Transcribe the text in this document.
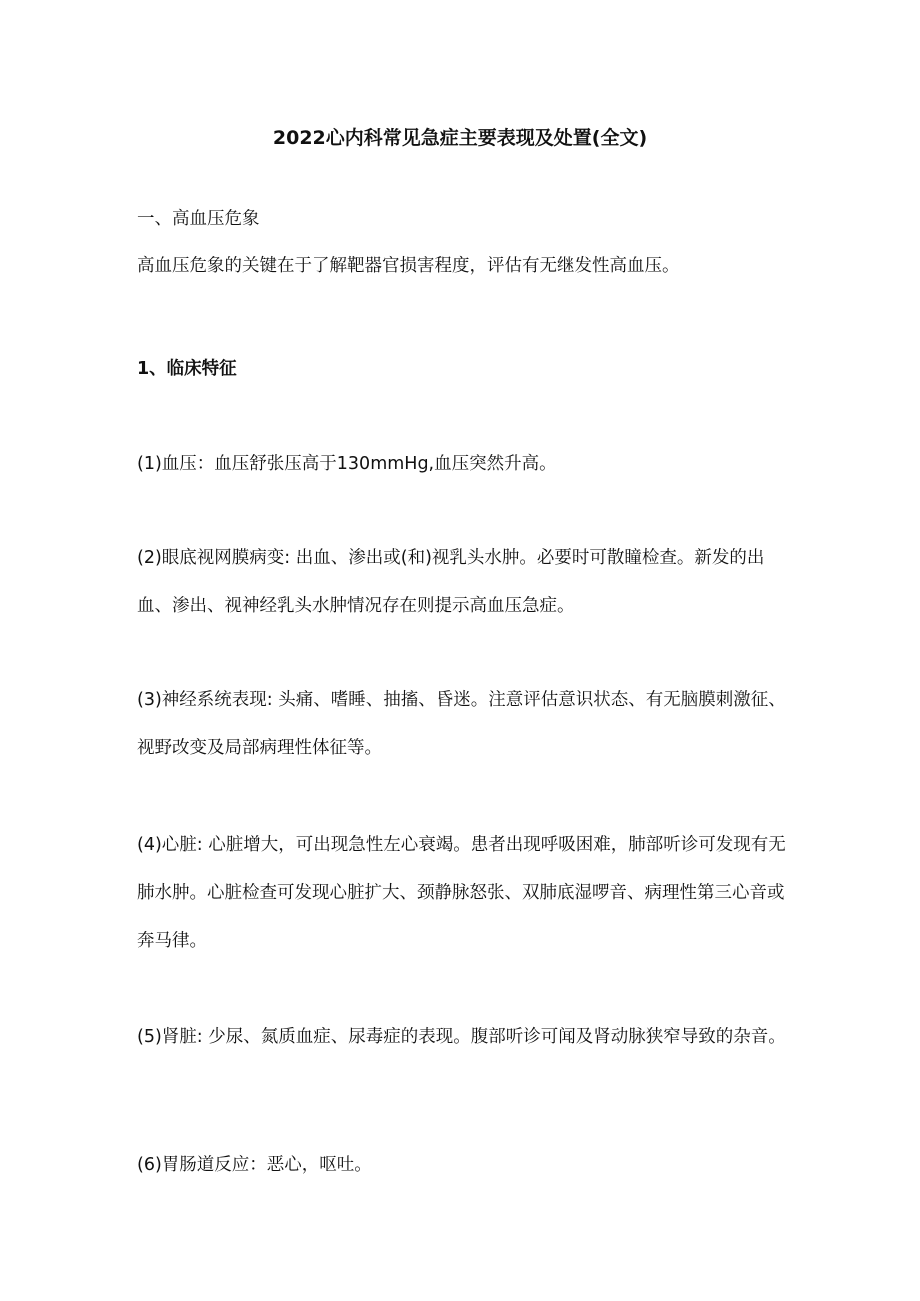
2022心内科常见急症主要表现及处置(全文)

一、高血压危象

高血压危象的关键在于了解靶器官损害程度，评估有无继发性高血压。

1、临床特征

(1)血压：血压舒张压高于130mmHg,血压突然升高。

(2)眼底视网膜病变: 出血、渗出或(和)视乳头水肿。必要时可散瞳检查。新发的出血、渗出、视神经乳头水肿情况存在则提示高血压急症。

(3)神经系统表现: 头痛、嗜睡、抽搐、昏迷。注意评估意识状态、有无脑膜刺激征、视野改变及局部病理性体征等。

(4)心脏: 心脏增大，可出现急性左心衰竭。患者出现呼吸困难，肺部听诊可发现有无肺水肿。心脏检查可发现心脏扩大、颈静脉怒张、双肺底湿啰音、病理性第三心音或奔马律。

(5)肾脏: 少尿、氮质血症、尿毒症的表现。腹部听诊可闻及肾动脉狭窄导致的杂音。

(6)胃肠道反应：恶心，呕吐。
